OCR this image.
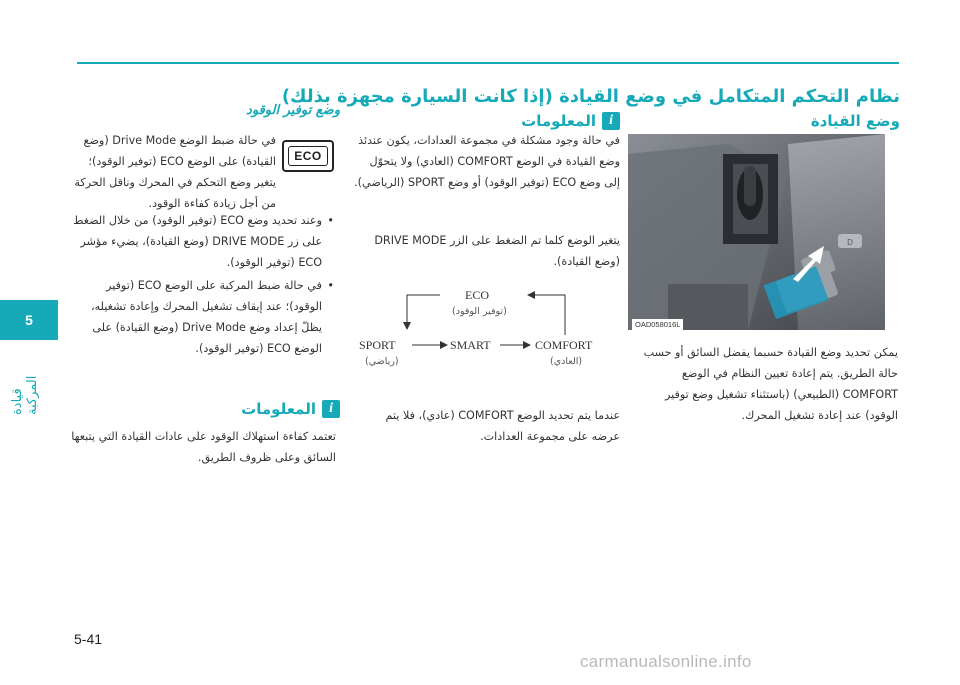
5
قيادة المركبة
نظام التحكم المتكامل في وضع القيادة (إذا كانت السيارة مجهزة بذلك)
وضع القيادة
D
OAD058016L
يمكن تحديد وضع القيادة حسبما يفضل السائق أو حسب حالة الطريق. يتم إعادة تعيين النظام في الوضع COMFORT (الطبيعي) (باستثناء تشغيل وضع توفير الوقود) عند إعادة تشغيل المحرك.
i
المعلومات
في حالة وجود مشكلة في مجموعة العدادات، يكون عندئذ وضع القيادة في الوضع COMFORT (العادي) ولا يتحوّل إلى وضع ECO (توفير الوقود) أو وضع SPORT (الرياضي).
يتغير الوضع كلما تم الضغط على الزر DRIVE MODE (وضع القيادة).
ECO
(توفير الوقود)
SPORT
(رياضي)
SMART	COMFORT
(العادي)
عندما يتم تحديد الوضع COMFORT (عادي)، فلا يتم عرضه على مجموعة العدادات.
وضع توفير الوقود
ECO
في حالة ضبط الوضع Drive Mode (وضع القيادة) على الوضع ECO (توفير الوقود)؛ يتغير وضع التحكم في المحرك وناقل الحركة من أجل زيادة كفاءة الوقود.
• وعند تحديد وضع ECO (توفير الوقود) من خلال الضغط على زر DRIVE MODE (وضع القيادة)، يضيء مؤشر ECO (توفير الوقود).
• في حالة ضبط المركبة على الوضع ECO (توفير الوقود)؛ عند إيقاف تشغيل المحرك وإعادة تشغيله، يظلّ إعداد وضع Drive Mode (وضع القيادة) على الوضع ECO (توفير الوقود).
i
المعلومات
تعتمد كفاءة استهلاك الوقود على عادات القيادة التي يتبعها السائق وعلى ظروف الطريق.
5-41
carmanualsonline.info
